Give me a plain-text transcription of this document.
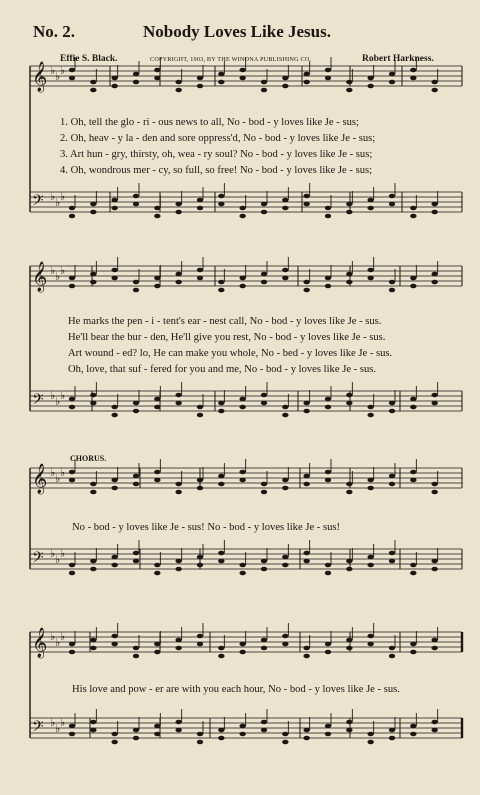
No. 2.	Nobody Loves Like Jesus.
Effie S. Black.	COPYRIGHT, 1903, BY THE WINONA PUBLISHING CO.	Robert Harkness.
𝄞 ♭ ♭ ♭
𝄢 ♭ ♭ ♭
𝄞 ♭ ♭ ♭
𝄢 ♭ ♭ ♭
𝄞 ♭ ♭ ♭
𝄢 ♭ ♭ ♭
𝄞 ♭ ♭ ♭
𝄢 ♭ ♭ ♭
1. Oh, tell the glo - ri - ous news to all, No - bod - y loves like Je - sus;
2. Oh, heav - y la - den and sore oppress'd, No - bod - y loves like Je - sus;
3. Art hun - gry, thirsty, oh, wea - ry soul? No - bod - y loves like Je - sus;
4. Oh, wondrous mer - cy, so full, so free! No - bod - y loves like Je - sus;
He marks the pen - i - tent's ear - nest call, No - bod - y loves like Je - sus.
He'll bear the bur - den, He'll give you rest, No - bod - y loves like Je - sus.
Art wound - ed? lo, He can make you whole, No - bed - y loves like Je - sus.
Oh, love, that suf - fered for you and me, No - bod - y loves like Je - sus.
CHORUS.
No - bod - y loves like Je - sus! No - bod - y loves like Je - sus!
His love and pow - er are with you each hour, No - bod - y loves like Je - sus.
